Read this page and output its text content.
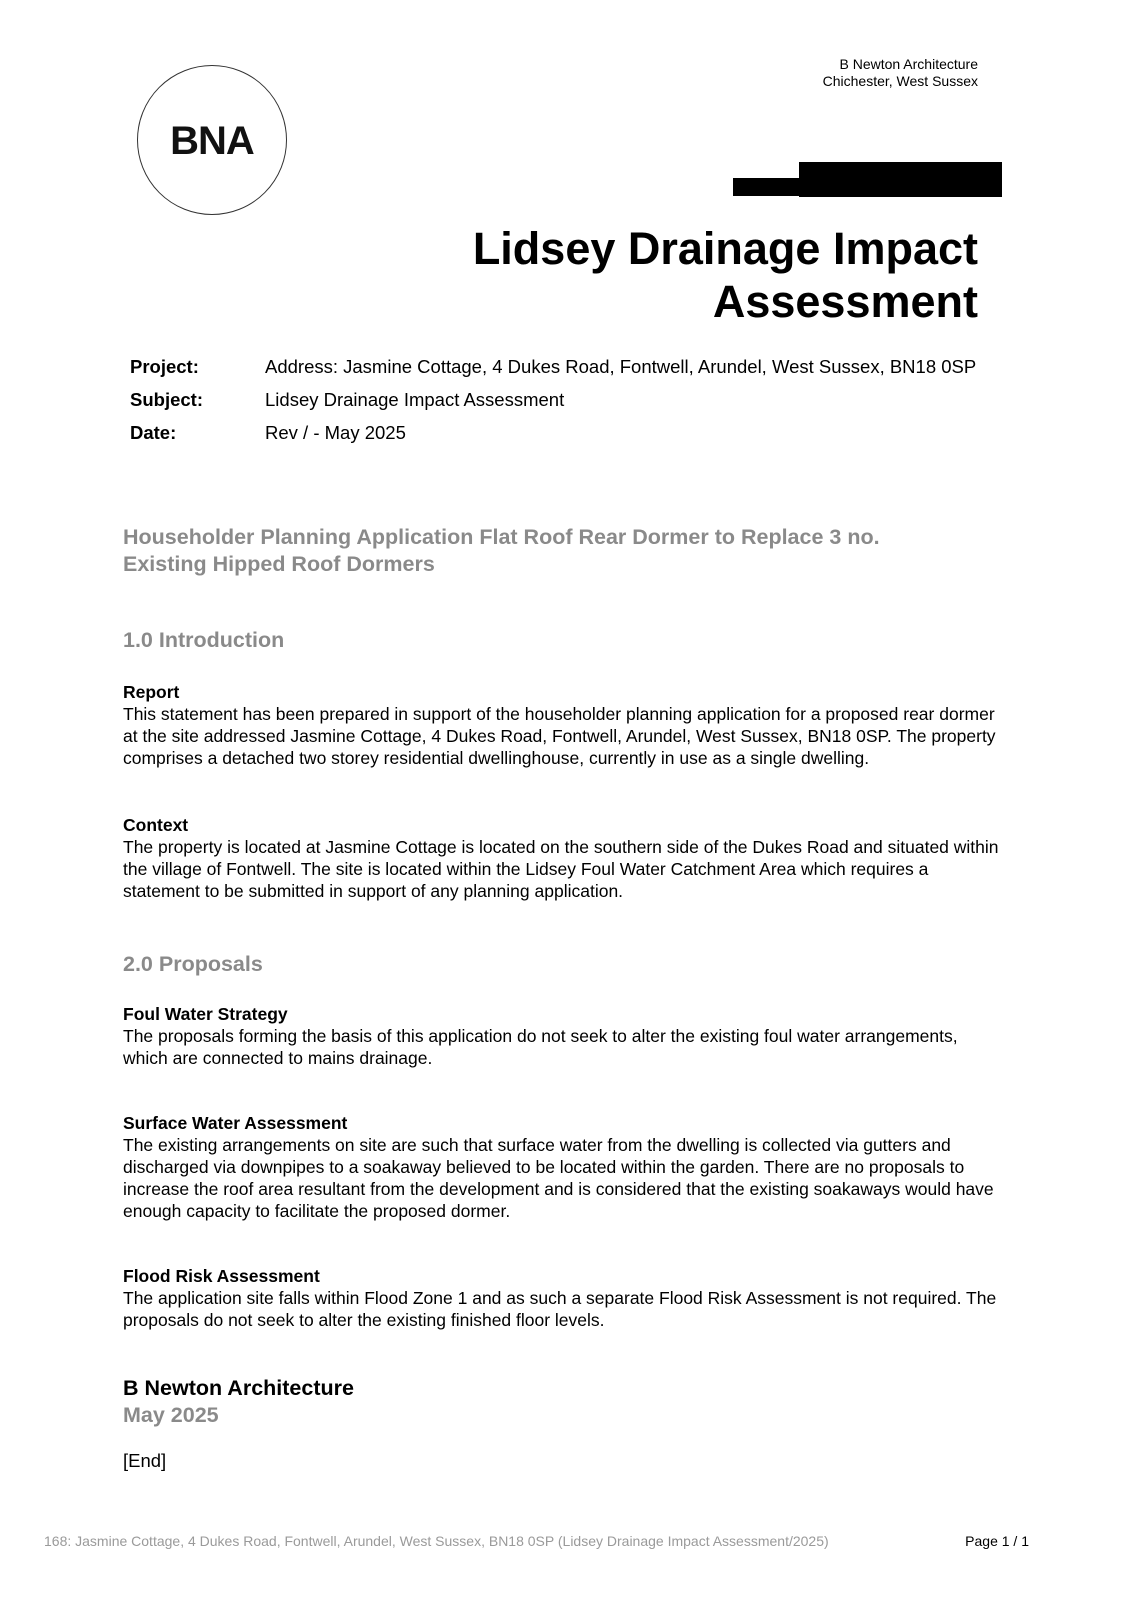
BNA
B Newton Architecture
Chichester, West Sussex
Lidsey Drainage Impact
Assessment
Project:	Address: Jasmine Cottage, 4 Dukes Road, Fontwell, Arundel, West Sussex, BN18 0SP
Subject:	Lidsey Drainage Impact Assessment
Date:	Rev / - May 2025
Householder Planning Application Flat Roof Rear Dormer to Replace 3 no.
Existing Hipped Roof Dormers
1.0 Introduction
Report
This statement has been prepared in support of the householder planning application for a proposed rear dormer at the site addressed Jasmine Cottage, 4 Dukes Road, Fontwell, Arundel, West Sussex, BN18 0SP. The property comprises a detached two storey residential dwellinghouse, currently in use as a single dwelling.
Context
The property is located at Jasmine Cottage is located on the southern side of the Dukes Road and situated within the village of Fontwell. The site is located within the Lidsey Foul Water Catchment Area which requires a statement to be submitted in support of any planning application.
2.0 Proposals
Foul Water Strategy
The proposals forming the basis of this application do not seek to alter the existing foul water arrangements, which are connected to mains drainage.
Surface Water Assessment
The existing arrangements on site are such that surface water from the dwelling is collected via gutters and discharged via downpipes to a soakaway believed to be located within the garden. There are no proposals to increase the roof area resultant from the development and is considered that the existing soakaways would have enough capacity to facilitate the proposed dormer.
Flood Risk Assessment
The application site falls within Flood Zone 1 and as such a separate Flood Risk Assessment is not required. The proposals do not seek to alter the existing finished floor levels.
B Newton Architecture
May 2025
[End]
168: Jasmine Cottage, 4 Dukes Road, Fontwell, Arundel, West Sussex, BN18 0SP (Lidsey Drainage Impact Assessment/2025)	Page 1 / 1
